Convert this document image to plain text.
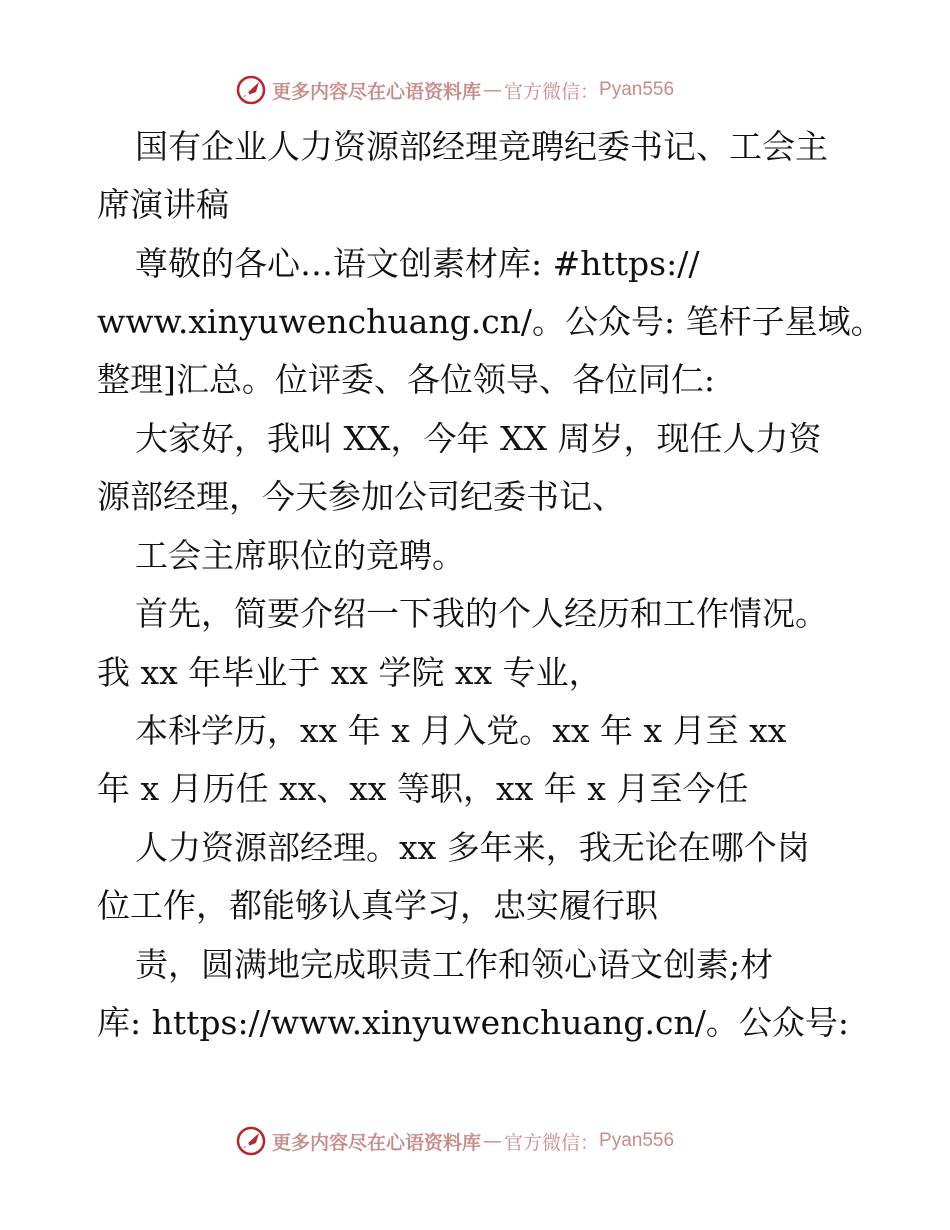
更多内容尽在心语资料库 — 官方微信： Pyan556
国有企业人力资源部经理竞聘纪委书记、工会主
席演讲稿
尊敬的各心…语文创素材库: #https://
www.xinyuwenchuang.cn/。公众号: 笔杆子星域。
整理]汇总。位评委、各位领导、各位同仁:
大家好，我叫 XX，今年 XX 周岁，现任人力资
源部经理，今天参加公司纪委书记、
工会主席职位的竞聘。
首先，简要介绍一下我的个人经历和工作情况。
我 xx 年毕业于 xx 学院 xx 专业，
本科学历，xx 年 x 月入党。xx 年 x 月至 xx
年 x 月历任 xx、xx 等职，xx 年 x 月至今任
人力资源部经理。xx 多年来，我无论在哪个岗
位工作，都能够认真学习，忠实履行职
责，圆满地完成职责工作和领心语文创素;材
库: https://www.xinyuwenchuang.cn/。公众号:
更多内容尽在心语资料库 — 官方微信： Pyan556
